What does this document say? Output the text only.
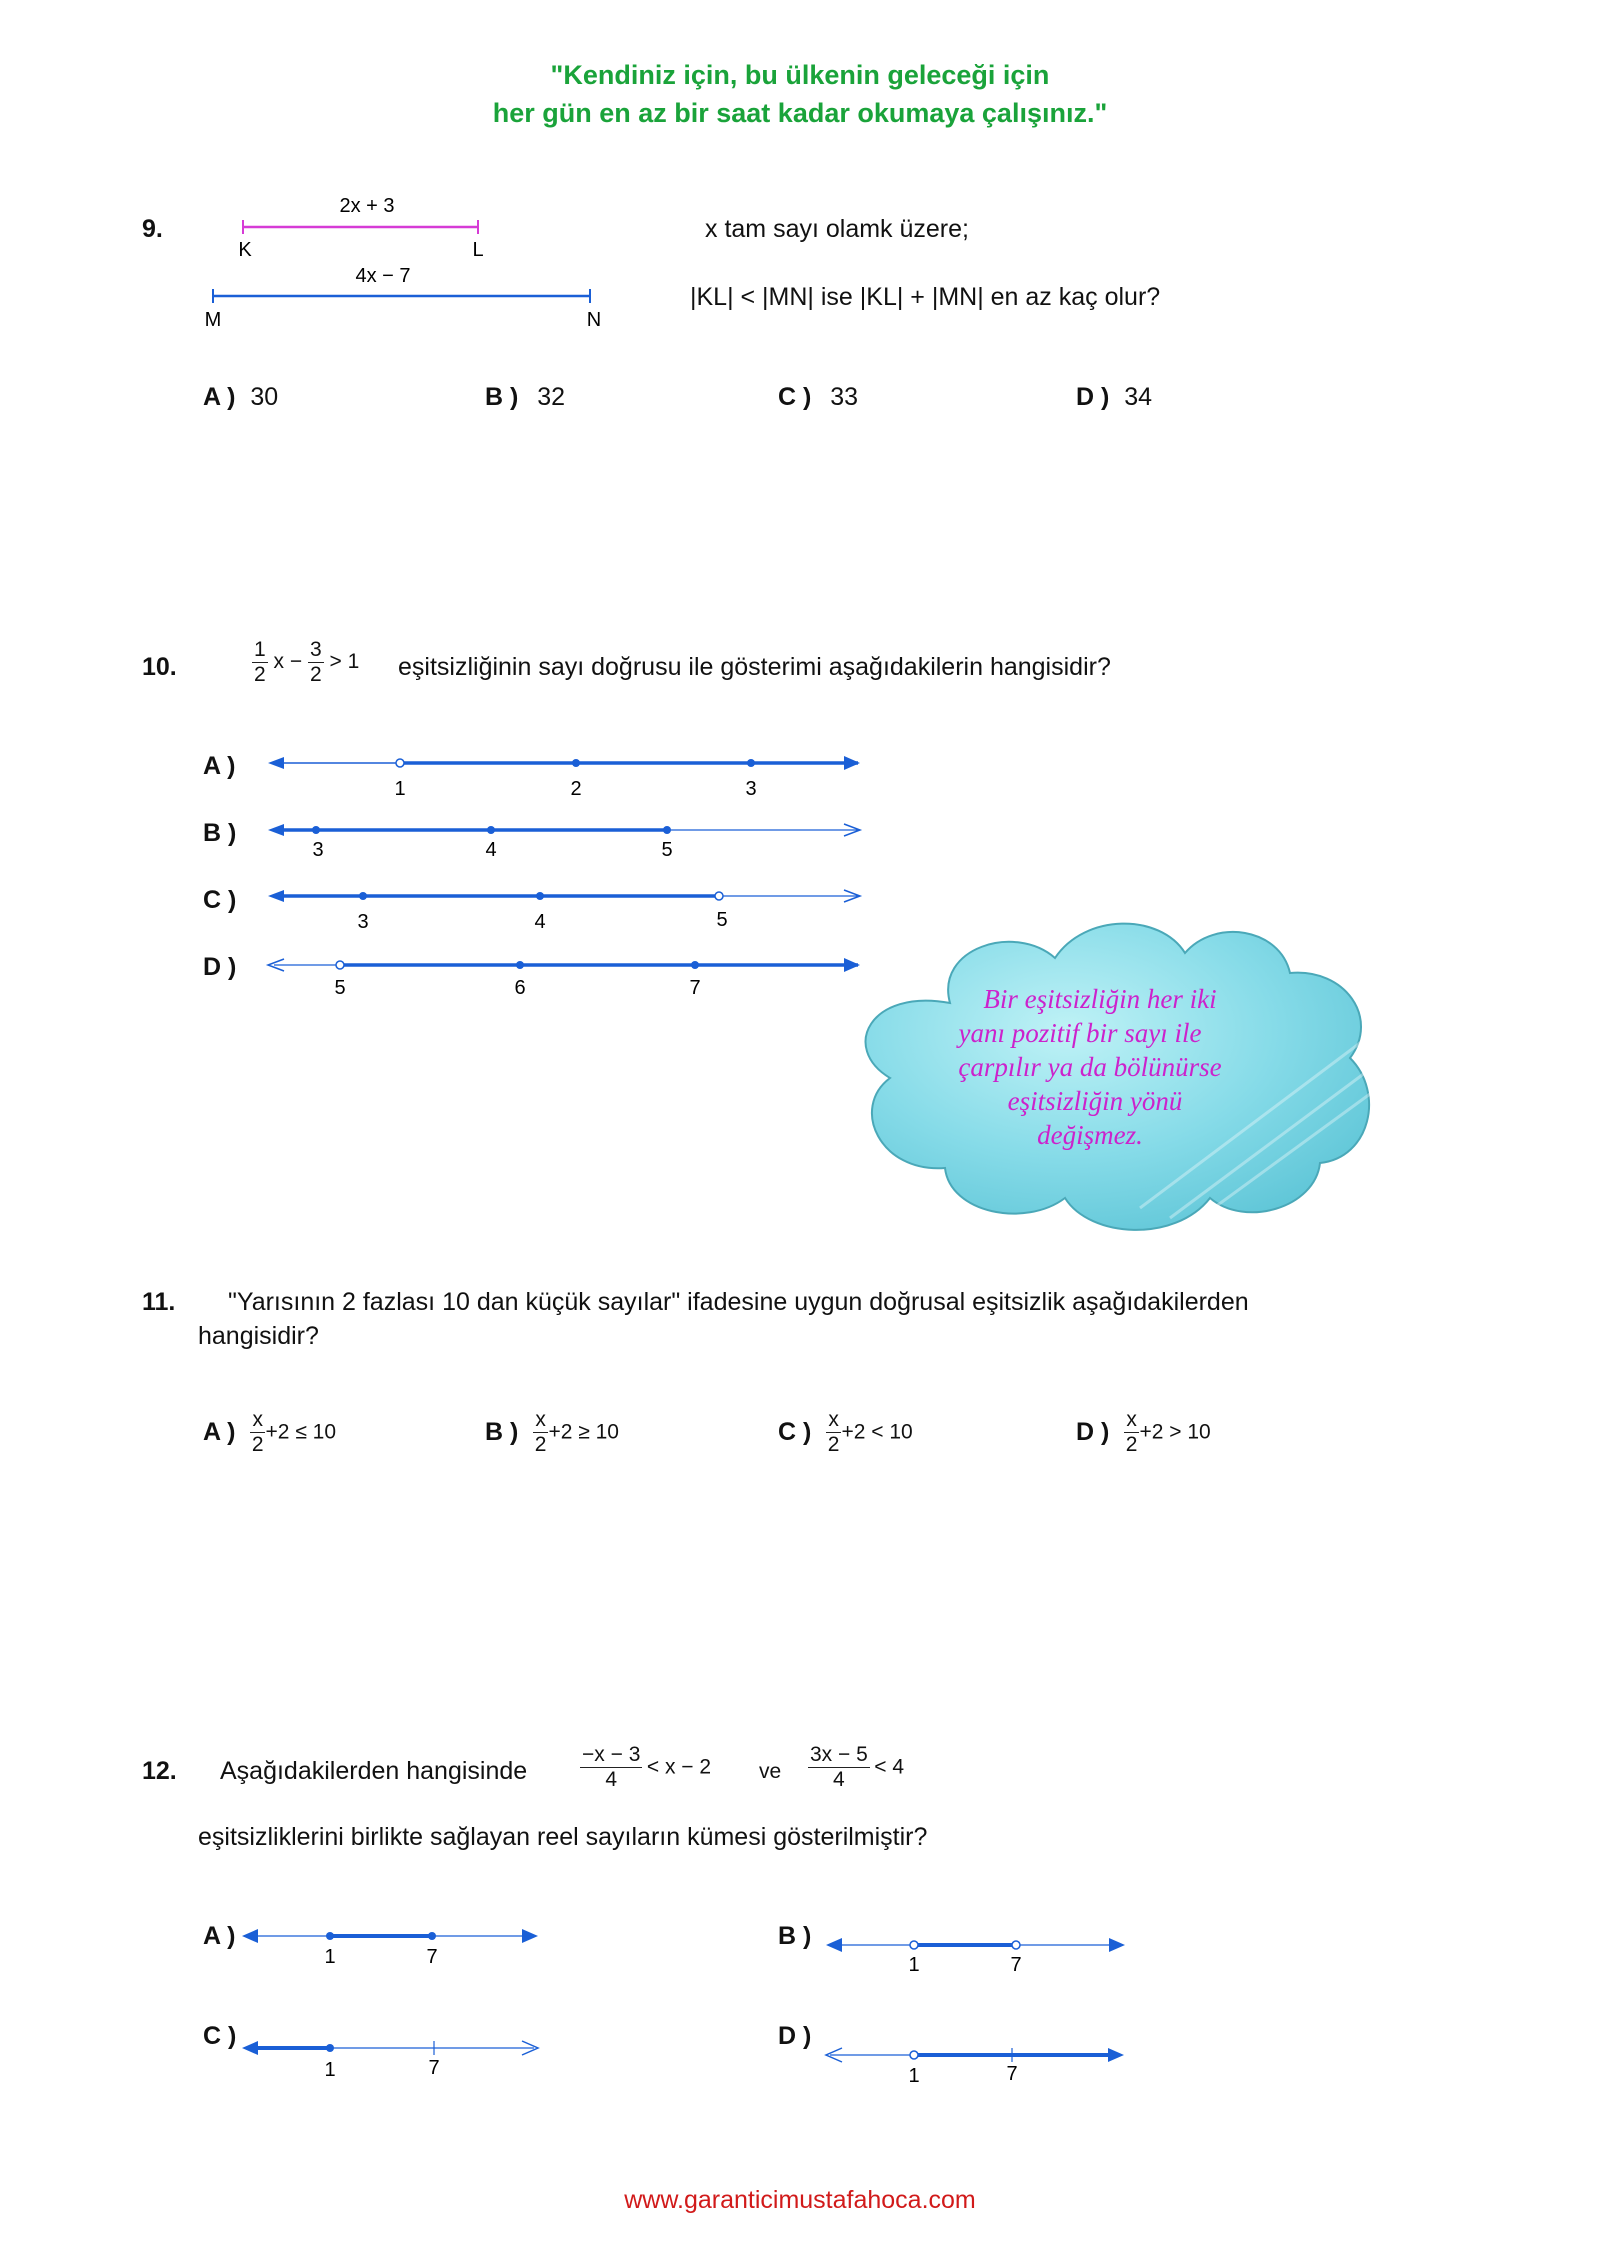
"Kendiniz için, bu ülkenin geleceği için
her gün en az bir saat kadar okumaya çalışınız."
9.
2x + 3
K	L
4x − 7
M	N
x tam sayı olamk üzere;
|KL| < |MN| ise |KL| + |MN| en az kaç olur?
A ) 30	B ) 32	C ) 33	D ) 34
10.	$\frac{1}{2}$ $x - \frac{3}{2} > 1$ eşitsizliğinin sayı doğrusu ile gösterimi aşağıdakilerin hangisidir?
A )
1	2	3
B )
3	4	5
C )
3	4	5
D )
5	6	7	Bir eşitsizliğin her iki
yanı pozitif bir sayı ile
çarpılır ya da bölünürse
eşitsizliğin yönü
değişmez.
11. "Yarısının 2 fazlası 10 dan küçük sayılar" ifadesine uygun doğrusal eşitsizlik aşağıdakilerden
hangisidir?
A ) $\frac{x}{2} +2 \le 10$	B ) $\frac{x}{2} +2 \ge 10$	C ) $\frac{x}{2} +2 < 10$	D ) $\frac{x}{2} +2 > 10$
12. Aşağıdakilerden hangisinde	$\frac{-x - 3}{4} < x - 2$ ve $\frac{3x - 5}{4} < 4$
eşitsizliklerini birlikte sağlayan reel sayıların kümesi gösterilmiştir?
A )
1	7
B )
1	7
C )
1	7
D )
1	7
www.garanticimustafahoca.com
